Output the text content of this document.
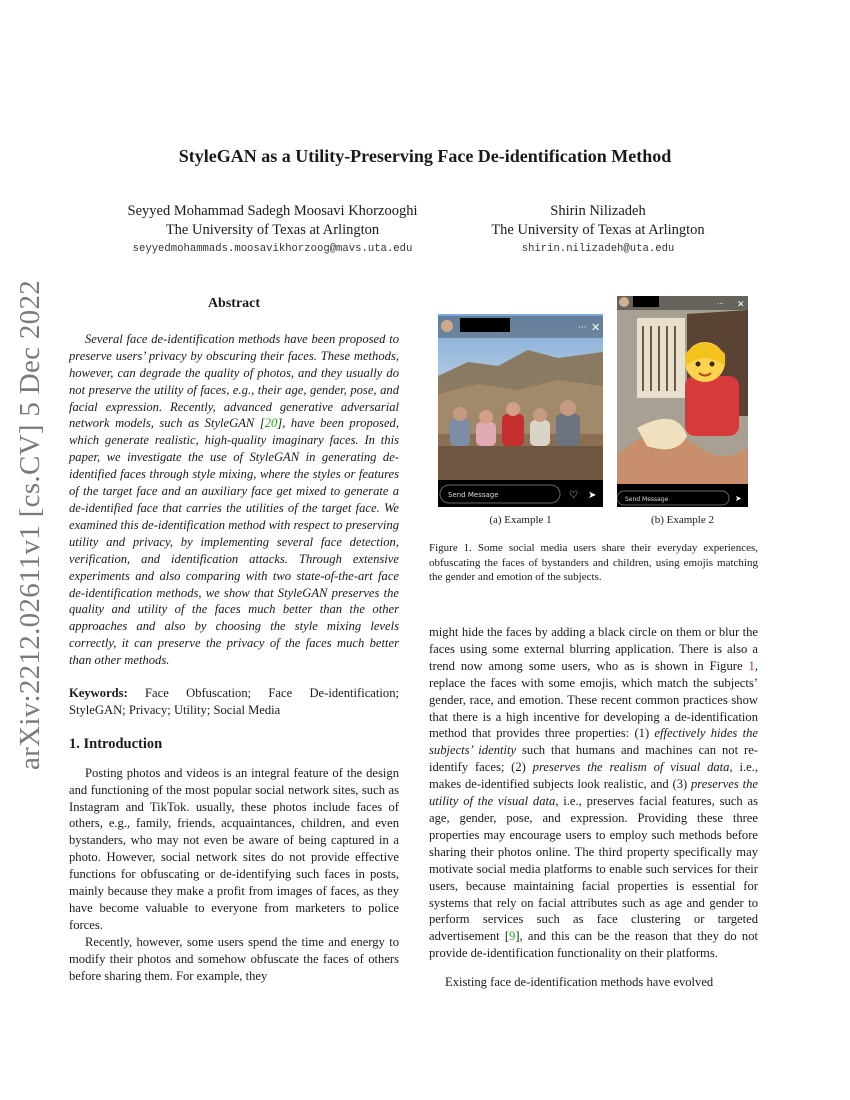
arXiv:2212.02611v1 [cs.CV] 5 Dec 2022
StyleGAN as a Utility-Preserving Face De-identification Method
Seyyed Mohammad Sadegh Moosavi Khorzooghi
The University of Texas at Arlington
seyyedmohammads.moosavikhorzoog@mavs.uta.edu
Shirin Nilizadeh
The University of Texas at Arlington
shirin.nilizadeh@uta.edu
Abstract

Several face de-identification methods have been proposed to preserve users’ privacy by obscuring their faces. These methods, however, can degrade the quality of photos, and they usually do not preserve the utility of faces, e.g., their age, gender, pose, and facial expression. Recently, advanced generative adversarial network models, such as StyleGAN [20], have been proposed, which generate realistic, high-quality imaginary faces. In this paper, we investigate the use of StyleGAN in generating de-identified faces through style mixing, where the styles or features of the target face and an auxiliary face get mixed to generate a de-identified face that carries the utilities of the target face. We examined this de-identification method with respect to preserving utility and privacy, by implementing several face detection, verification, and identification attacks. Through extensive experiments and also comparing with two state-of-the-art face de-identification methods, we show that StyleGAN preserves the quality and utility of the faces much better than the other approaches and also by choosing the style mixing levels correctly, it can preserve the privacy of the faces much better than other methods.

Keywords: Face Obfuscation; Face De-identification; StyleGAN; Privacy; Utility; Social Media

1. Introduction

Posting photos and videos is an integral feature of the design and functioning of the most popular social network sites, such as Instagram and TikTok. usually, these photos include faces of others, e.g., family, friends, acquaintances, children, and even bystanders, who may not even be aware of being captured in a photo. However, social network sites do not provide effective functions for obfuscating or de-identifying such faces in posts, mainly because they make a profit from images of faces, as they have become valuable to everyone from marketers to police forces.

Recently, however, some users spend the time and energy to modify their photos and somehow obfuscate the faces of others before sharing them. For example, they

··· ✕
Send Message	♡ ➤
··· ✕
Send Message	➤
(a) Example 1	(b) Example 2
Figure 1. Some social media users share their everyday experiences, obfuscating the faces of bystanders and children, using emojis matching the gender and emotion of the subjects.
might hide the faces by adding a black circle on them or blur the faces using some external blurring application. There is also a trend now among some users, who as is shown in Figure 1, replace the faces with some emojis, which match the subjects’ gender, race, and emotion. These recent common practices show that there is a high incentive for developing a de-identification method that provides three properties: (1) effectively hides the subjects’ identity such that humans and machines can not re-identify faces; (2) preserves the realism of visual data, i.e., makes de-identified subjects look realistic, and (3) preserves the utility of the visual data, i.e., preserves facial features, such as age, gender, pose, and expression. Providing these three properties may encourage users to employ such methods before sharing their photos online. The third property specifically may motivate social media platforms to enable such services for their users, because maintaining facial properties is essential for systems that rely on facial attributes such as age and gender to perform services such as face clustering or targeted advertisement [9], and this can be the reason that they do not provide de-identification functionality on their platforms.
Existing face de-identification methods have evolved
